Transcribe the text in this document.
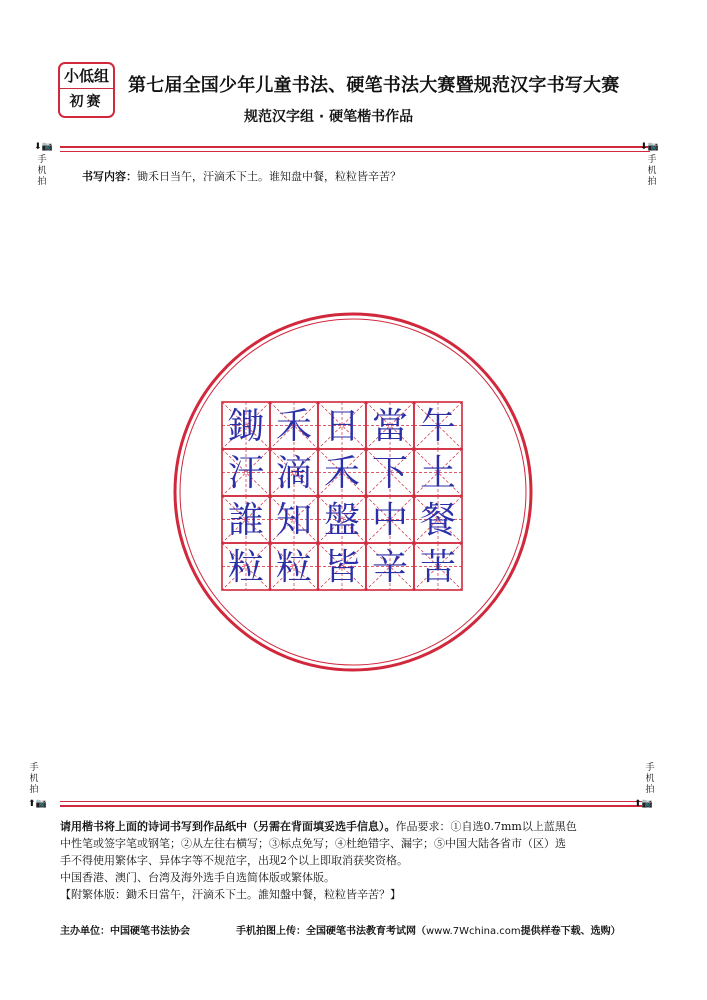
小低组
初赛
第七届全国少年儿童书法、硬笔书法大赛暨规范汉字书写大赛
规范汉字组 · 硬笔楷书作品
⬇📷
手机拍
⬇📷
手机拍
书写内容：锄禾日当午，汗滴禾下土。谁知盘中餐，粒粒皆辛苦？
鋤 禾 日 當 午
汗 滴 禾 下 土
誰 知 盤 中 餐
粒 粒 皆 辛 苦
手机拍
⬆📷
手机拍
⬆📷
请用楷书将上面的诗词书写到作品纸中（另需在背面填妥选手信息）。作品要求：①自选0.7mm以上蓝黑色
中性笔或签字笔或钢笔；②从左往右横写；③标点免写；④杜绝错字、漏字；⑤中国大陆各省市（区）选
手不得使用繁体字、异体字等不规范字，出现2个以上即取消获奖资格。
中国香港、澳门、台湾及海外选手自选简体版或繁体版。
【附繁体版：鋤禾日當午，汗滴禾下土。誰知盤中餐，粒粒皆辛苦？】
主办单位：中国硬笔书法协会	手机拍图上传：全国硬笔书法教育考试网（www.7Wchina.com提供样卷下载、选购）
